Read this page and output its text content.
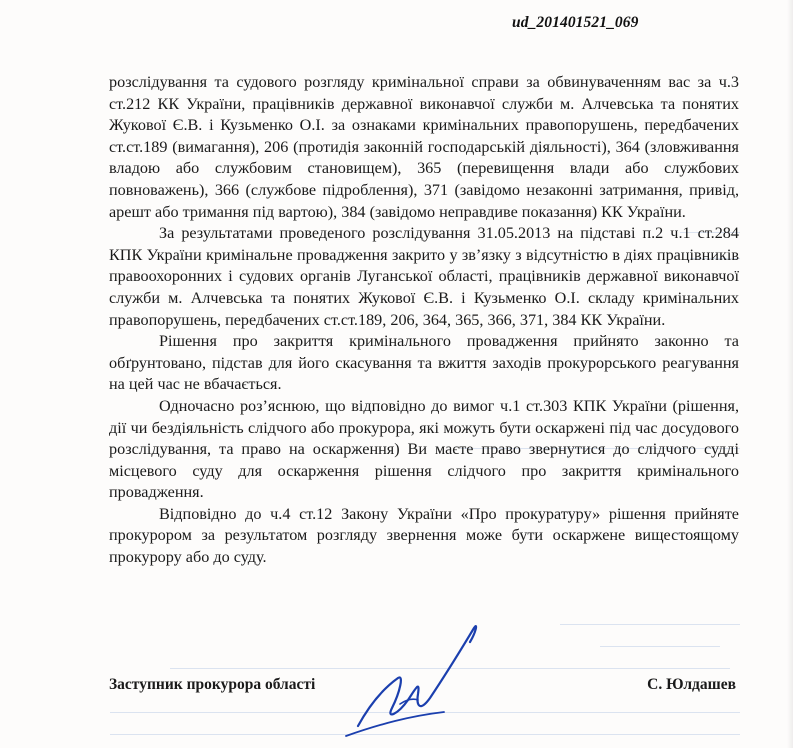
ud_201401521_069

розслідування та судового розгляду кримінальної справи за обвинуваченням вас за ч.3 ст.212 КК України, працівників державної виконавчої служби м. Алчевська та понятих Жукової Є.В. і Кузьменко О.І. за ознаками кримінальних правопорушень, передбачених ст.ст.189 (вимагання), 206 (протидія законній господарській діяльності), 364 (зловживання владою або службовим становищем), 365 (перевищення влади або службових повноважень), 366 (службове підроблення), 371 (завідомо незаконні затримання, привід, арешт або тримання під вартою), 384 (завідомо неправдиве показання) КК України.

За результатами проведеного розслідування 31.05.2013 на підставі п.2 ч.1 ст.284 КПК України кримінальне провадження закрито у зв’язку з відсутністю в діях працівників правоохоронних і судових органів Луганської області, працівників державної виконавчої служби м. Алчевська та понятих Жукової Є.В. і Кузьменко О.І. складу кримінальних правопорушень, передбачених ст.ст.189, 206, 364, 365, 366, 371, 384 КК України.

Рішення про закриття кримінального провадження прийнято законно та обґрунтовано, підстав для його скасування та вжиття заходів прокурорського реагування на цей час не вбачається.

Одночасно роз’яснюю, що відповідно до вимог ч.1 ст.303 КПК України (рішення, дії чи бездіяльність слідчого або прокурора, які можуть бути оскаржені під час досудового розслідування, та право на оскарження) Ви маєте право звернутися до слідчого судді місцевого суду для оскарження рішення слідчого про закриття кримінального провадження.

Відповідно до ч.4 ст.12 Закону України «Про прокуратуру» рішення прийняте прокурором за результатом розгляду звернення може бути оскаржене вищестоящому прокурору або до суду.

Заступник прокурора області	С. Юлдашев
